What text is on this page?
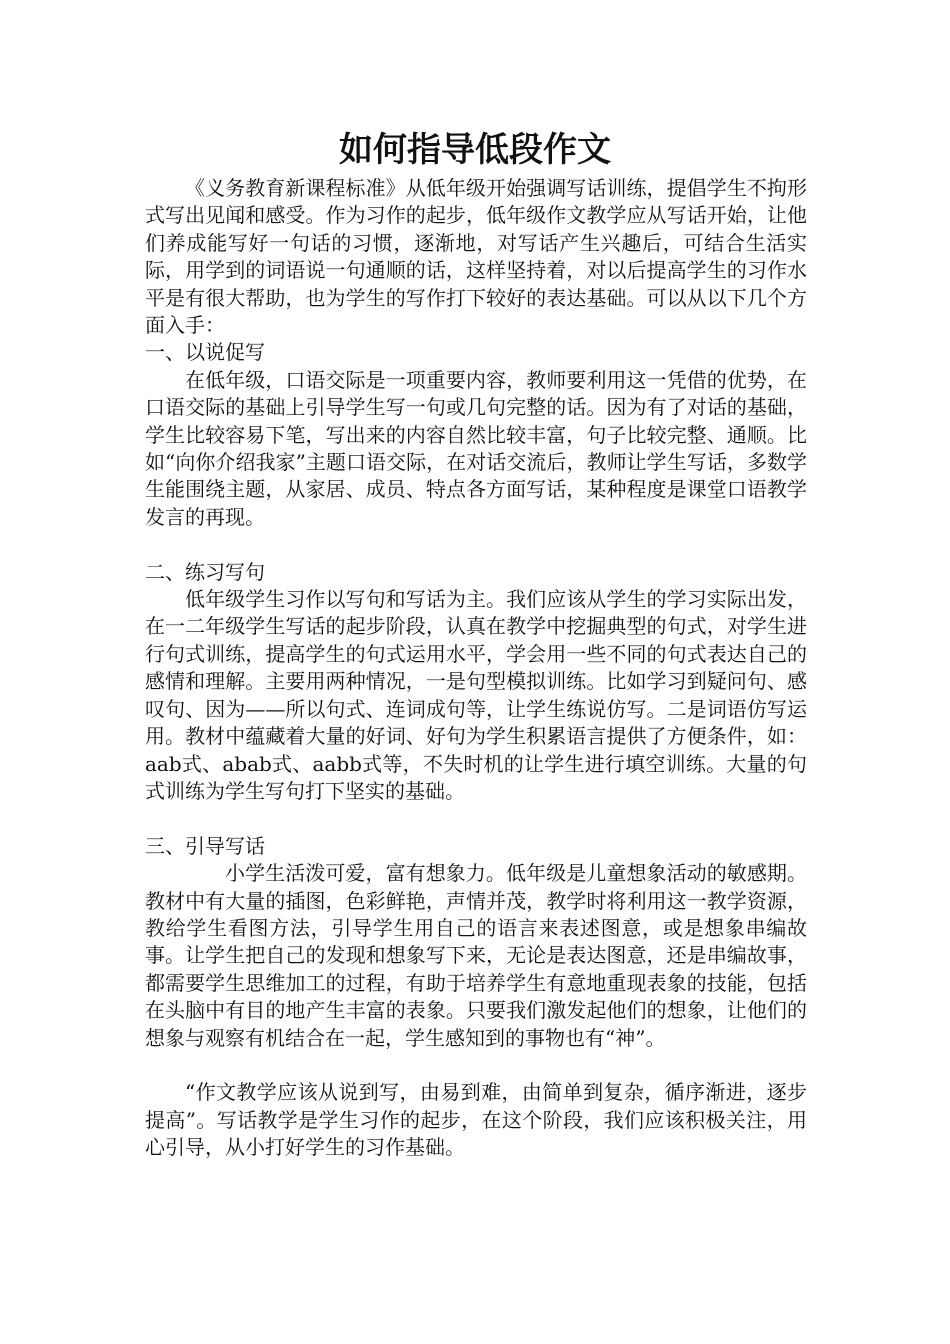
如何指导低段作文

《义务教育新课程标准》从低年级开始强调写话训练，提倡学生不拘形式写出见闻和感受。作为习作的起步，低年级作文教学应从写话开始，让他们养成能写好一句话的习惯，逐渐地，对写话产生兴趣后，可结合生活实际，用学到的词语说一句通顺的话，这样坚持着，对以后提高学生的习作水平是有很大帮助，也为学生的写作打下较好的表达基础。可以从以下几个方面入手：

一、以说促写

在低年级，口语交际是一项重要内容，教师要利用这一凭借的优势，在口语交际的基础上引导学生写一句或几句完整的话。因为有了对话的基础，学生比较容易下笔，写出来的内容自然比较丰富，句子比较完整、通顺。比如“向你介绍我家”主题口语交际，在对话交流后，教师让学生写话，多数学生能围绕主题，从家居、成员、特点各方面写话，某种程度是课堂口语教学发言的再现。

二、练习写句

低年级学生习作以写句和写话为主。我们应该从学生的学习实际出发，在一二年级学生写话的起步阶段，认真在教学中挖掘典型的句式，对学生进行句式训练，提高学生的句式运用水平，学会用一些不同的句式表达自己的感情和理解。主要用两种情况，一是句型模拟训练。比如学习到疑问句、感叹句、因为——所以句式、连词成句等，让学生练说仿写。二是词语仿写运用。教材中蕴藏着大量的好词、好句为学生积累语言提供了方便条件，如：aab式、abab式、aabb式等，不失时机的让学生进行填空训练。大量的句式训练为学生写句打下坚实的基础。

三、引导写话

小学生活泼可爱，富有想象力。低年级是儿童想象活动的敏感期。教材中有大量的插图，色彩鲜艳，声情并茂，教学时将利用这一教学资源，教给学生看图方法，引导学生用自己的语言来表述图意，或是想象串编故事。让学生把自己的发现和想象写下来，无论是表达图意，还是串编故事，都需要学生思维加工的过程，有助于培养学生有意地重现表象的技能，包括在头脑中有目的地产生丰富的表象。只要我们激发起他们的想象，让他们的想象与观察有机结合在一起，学生感知到的事物也有“神”。

“作文教学应该从说到写，由易到难，由简单到复杂，循序渐进，逐步提高”。写话教学是学生习作的起步，在这个阶段，我们应该积极关注，用心引导，从小打好学生的习作基础。
